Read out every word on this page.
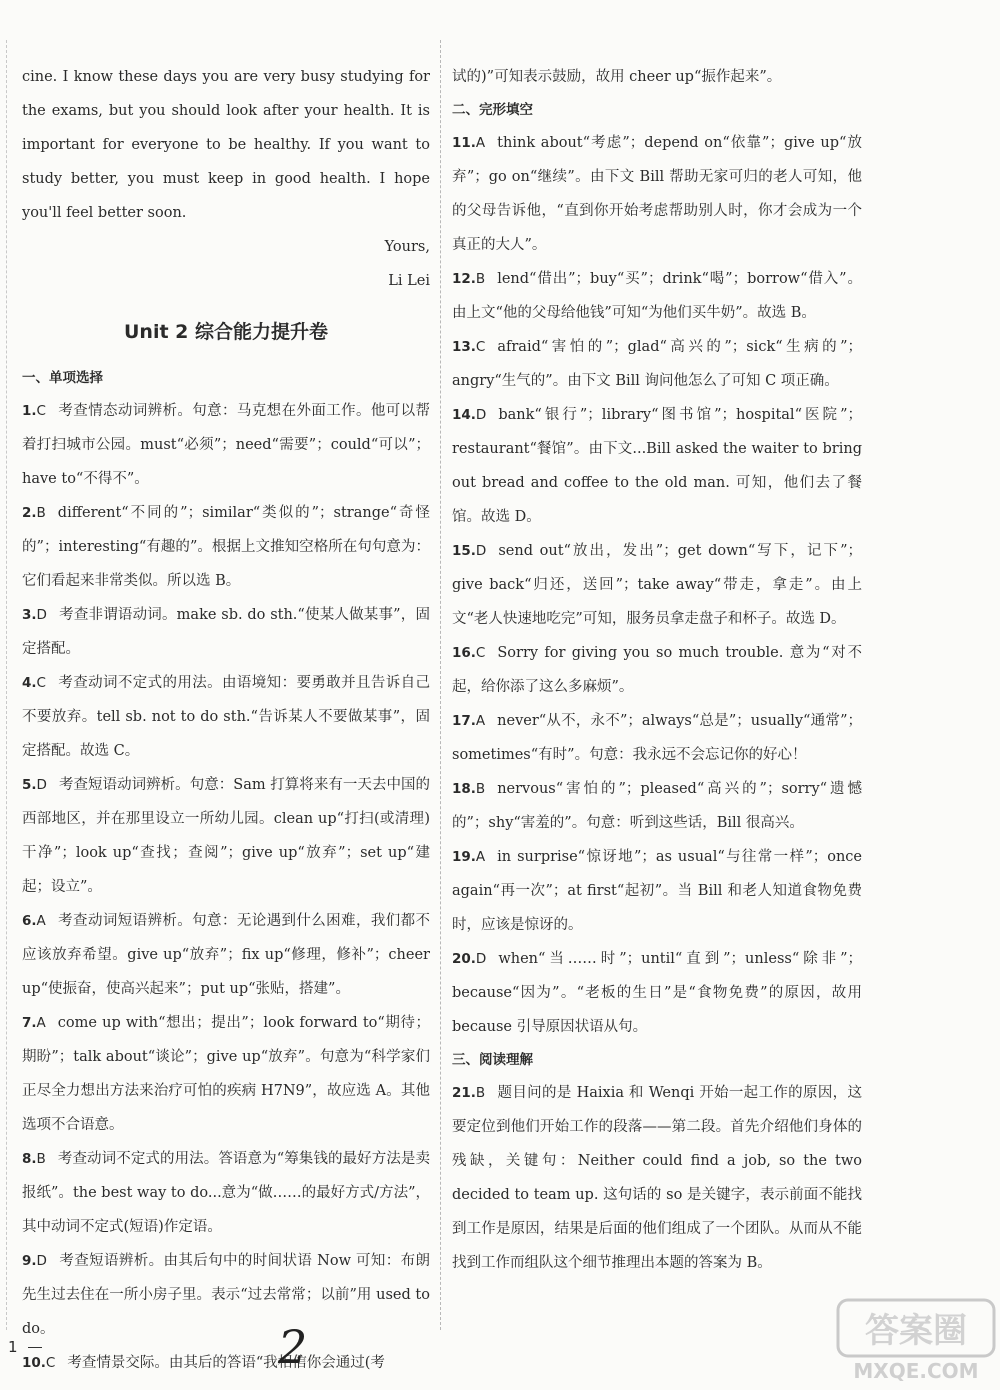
cine. I know these days you are very busy studying for the exams, but you should look after your health. It is important for everyone to be healthy. If you want to study better, you must keep in good health. I hope you'll feel better soon.

Yours,

Li Lei

Unit 2 综合能力提升卷

一、单项选择

1.C 考查情态动词辨析。句意：马克想在外面工作。他可以帮着打扫城市公园。must“必须”；need“需要”；could“可以”；have to“不得不”。

2.B different“不同的”；similar“类似的”；strange“奇怪的”；interesting“有趣的”。根据上文推知空格所在句句意为：它们看起来非常类似。所以选 B。

3.D 考查非谓语动词。make sb. do sth.“使某人做某事”，固定搭配。

4.C 考查动词不定式的用法。由语境知：要勇敢并且告诉自己不要放弃。tell sb. not to do sth.“告诉某人不要做某事”，固定搭配。故选 C。

5.D 考查短语动词辨析。句意：Sam 打算将来有一天去中国的西部地区，并在那里设立一所幼儿园。clean up“打扫(或清理)干净”；look up“查找；查阅”；give up“放弃”；set up“建起；设立”。

6.A 考查动词短语辨析。句意：无论遇到什么困难，我们都不应该放弃希望。give up“放弃”；fix up“修理，修补”；cheer up“使振奋，使高兴起来”；put up“张贴，搭建”。

7.A come up with“想出；提出”；look forward to“期待；期盼”；talk about“谈论”；give up“放弃”。句意为“科学家们正尽全力想出方法来治疗可怕的疾病 H7N9”，故应选 A。其他选项不合语意。

8.B 考查动词不定式的用法。答语意为“筹集钱的最好方法是卖报纸”。the best way to do...意为“做……的最好方式/方法”，其中动词不定式(短语)作定语。

9.D 考查短语辨析。由其后句中的时间状语 Now 可知：布朗先生过去住在一所小房子里。表示“过去常常；以前”用 used to do。

10.C 考查情景交际。由其后的答语“我相信你会通过(考

试的)”可知表示鼓励，故用 cheer up“振作起来”。

二、完形填空

11.A think about“考虑”；depend on“依靠”；give up“放弃”；go on“继续”。由下文 Bill 帮助无家可归的老人可知，他的父母告诉他，“直到你开始考虑帮助别人时，你才会成为一个真正的大人”。

12.B lend“借出”；buy“买”；drink“喝”；borrow“借入”。由上文“他的父母给他钱”可知“为他们买牛奶”。故选 B。

13.C afraid“害怕的”；glad“高兴的”；sick“生病的”；angry“生气的”。由下文 Bill 询问他怎么了可知 C 项正确。

14.D bank“银行”；library“图书馆”；hospital“医院”；restaurant“餐馆”。由下文...Bill asked the waiter to bring out bread and coffee to the old man. 可知，他们去了餐馆。故选 D。

15.D send out“放出，发出”；get down“写下，记下”；give back“归还，送回”；take away“带走，拿走”。由上文“老人快速地吃完”可知，服务员拿走盘子和杯子。故选 D。

16.C Sorry for giving you so much trouble. 意为“对不起，给你添了这么多麻烦”。

17.A never“从不，永不”；always“总是”；usually“通常”；sometimes“有时”。句意：我永远不会忘记你的好心！

18.B nervous“害怕的”；pleased“高兴的”；sorry“遗憾的”；shy“害羞的”。句意：听到这些话，Bill 很高兴。

19.A in surprise“惊讶地”；as usual“与往常一样”；once again“再一次”；at first“起初”。当 Bill 和老人知道食物免费时，应该是惊讶的。

20.D when“当……时”；until“直到”；unless“除非”；because“因为”。“老板的生日”是“食物免费”的原因，故用 because 引导原因状语从句。

三、阅读理解

21.B 题目问的是 Haixia 和 Wenqi 开始一起工作的原因，这要定位到他们开始工作的段落——第二段。首先介绍他们身体的残缺，关键句：Neither could find a job, so the two decided to team up. 这句话的 so 是关键字，表示前面不能找到工作是原因，结果是后面的他们组成了一个团队。从而从不能找到工作而组队这个细节推理出本题的答案为 B。

1	2	答案圈
MXQE.COM
